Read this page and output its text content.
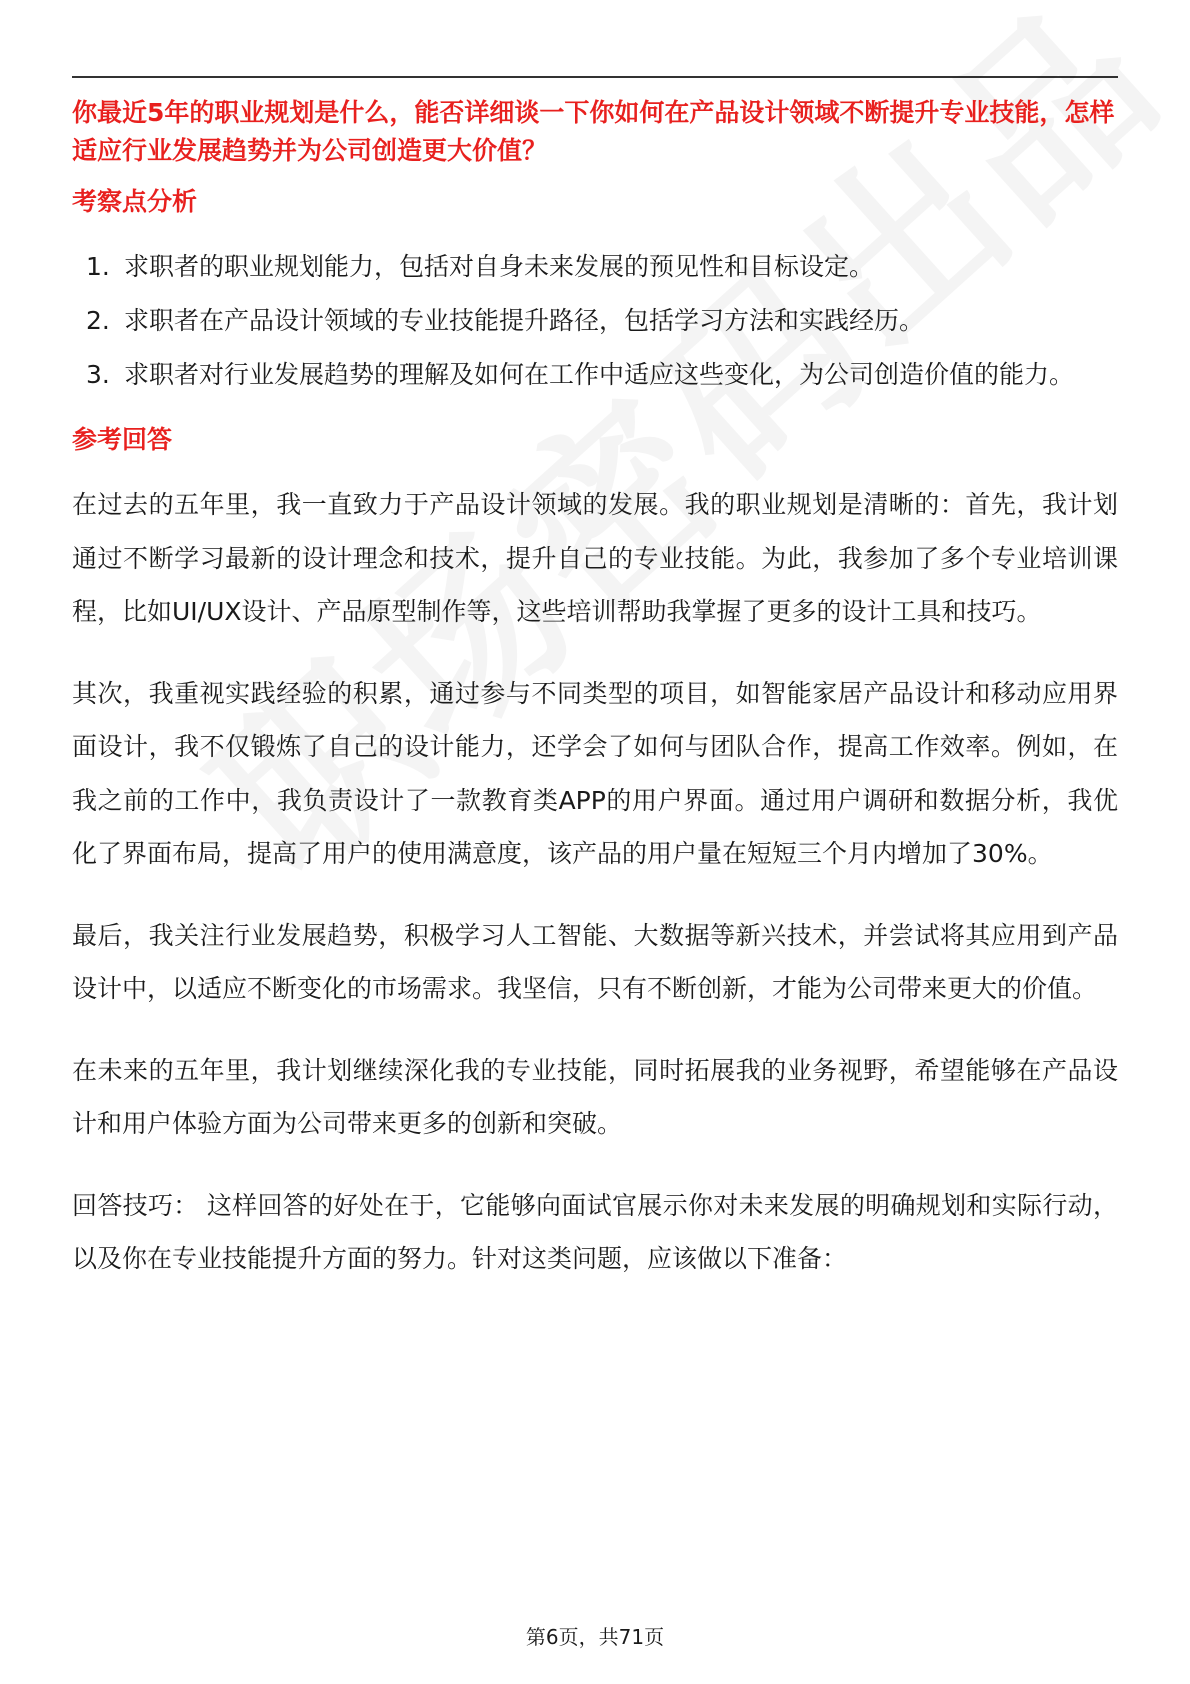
你最近5年的职业规划是什么，能否详细谈一下你如何在产品设计领域不断提升专业技能，怎样适应行业发展趋势并为公司创造更大价值？
考察点分析
1. 求职者的职业规划能力，包括对自身未来发展的预见性和目标设定。
2. 求职者在产品设计领域的专业技能提升路径，包括学习方法和实践经历。
3. 求职者对行业发展趋势的理解及如何在工作中适应这些变化，为公司创造价值的能力。
参考回答

在过去的五年里，我一直致力于产品设计领域的发展。我的职业规划是清晰的：首先，我计划通过不断学习最新的设计理念和技术，提升自己的专业技能。为此，我参加了多个专业培训课程，比如UI/UX设计、产品原型制作等，这些培训帮助我掌握了更多的设计工具和技巧。

其次，我重视实践经验的积累，通过参与不同类型的项目，如智能家居产品设计和移动应用界面设计，我不仅锻炼了自己的设计能力，还学会了如何与团队合作，提高工作效率。例如，在我之前的工作中，我负责设计了一款教育类APP的用户界面。通过用户调研和数据分析，我优化了界面布局，提高了用户的使用满意度，该产品的用户量在短短三个月内增加了30%。

最后，我关注行业发展趋势，积极学习人工智能、大数据等新兴技术，并尝试将其应用到产品设计中，以适应不断变化的市场需求。我坚信，只有不断创新，才能为公司带来更大的价值。

在未来的五年里，我计划继续深化我的专业技能，同时拓展我的业务视野，希望能够在产品设计和用户体验方面为公司带来更多的创新和突破。

回答技巧： 这样回答的好处在于，它能够向面试官展示你对未来发展的明确规划和实际行动，以及你在专业技能提升方面的努力。针对这类问题，应该做以下准备：

第6页，共71页
